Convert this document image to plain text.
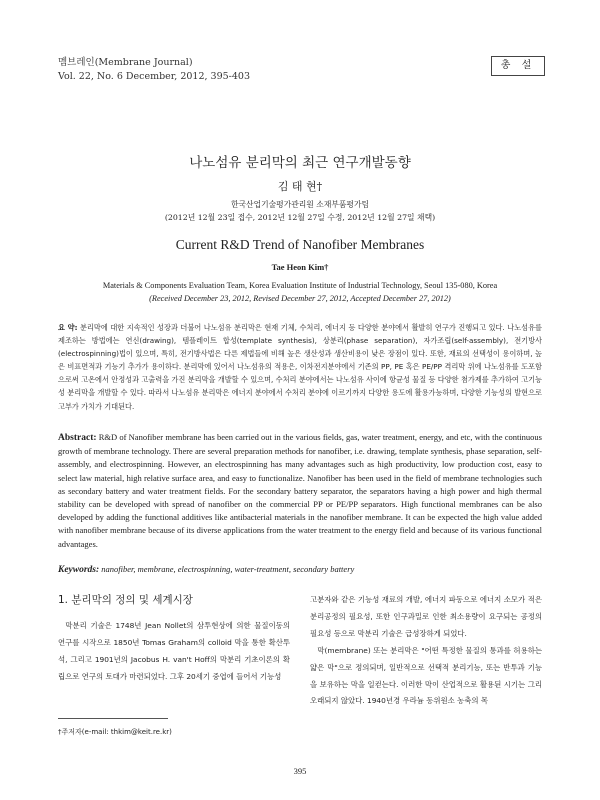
멤브레인(Membrane Journal)
Vol. 22, No. 6 December, 2012, 395-403
총 설
나노섬유 분리막의 최근 연구개발동향
김 태 현†
한국산업기술평가관리원 소재부품평가팀
(2012년 12월 23일 접수, 2012년 12월 27일 수정, 2012년 12월 27일 채택)
Current R&D Trend of Nanofiber Membranes
Tae Heon Kim†
Materials & Components Evaluation Team, Korea Evaluation Institute of Industrial Technology, Seoul 135-080, Korea
(Received December 23, 2012, Revised December 27, 2012, Accepted December 27, 2012)
요 약: 분리막에 대한 지속적인 성장과 더불어 나노섬유 분리막은 현재 기체, 수처리, 에너지 등 다양한 분야에서 활발히 연구가 진행되고 있다. 나노섬유를 제조하는 방법에는 연신(drawing), 템플레이트 합성(template synthesis), 상분리(phase separation), 자가조립(self-assembly), 전기방사(electrospinning)법이 있으며, 특히, 전기방사법은 다른 제법들에 비해 높은 생산성과 생산비용이 낮은 장점이 있다. 또한, 재료의 선택성이 용이하며, 높은 비표면적과 기능기 추가가 용이하다. 분리막에 있어서 나노섬유의 적용은, 이차전지분야에서 기존의 PP, PE 혹은 PE/PP 격리막 위에 나노섬유를 도포함으로써 고온에서 안정성과 고출력을 가진 분리막을 개발할 수 있으며, 수처리 분야에서는 나노섬유 사이에 항균성 물질 등 다양한 첨가제를 추가하여 고기능성 분리막을 개발할 수 있다. 따라서 나노섬유 분리막은 에너지 분야에서 수처리 분야에 이르기까지 다양한 용도에 활용가능하며, 다양한 기능성의 발현으로 고부가 가치가 기대된다.
Abstract: R&D of Nanofiber membrane has been carried out in the various fields, gas, water treatment, energy, and etc, with the continuous growth of membrane technology. There are several preparation methods for nanofiber, i.e. drawing, template synthesis, phase separation, self-assembly, and electrospinning. However, an electrospinning has many advantages such as high productivity, low production cost, easy to select law material, high relative surface area, and easy to functionalize. Nanofiber has been used in the field of membrane technologies such as secondary battery and water treatment fields. For the secondary battery separator, the separators having a high power and high thermal stability can be developed with spread of nanofiber on the commercial PP or PE/PP separators. High functional membranes can be also developed by adding the functional additives like antibacterial materials in the nanofiber membrane. It can be expected the high value added with nanofiber membrane because of its diverse applications from the water treatment to the energy field and because of its various functional advantages.
Keywords: nanofiber, membrane, electrospinning, water-treatment, secondary battery
1. 분리막의 정의 및 세계시장

막분리 기술은 1748년 Jean Nollet의 삼투현상에 의한 물질이동의 연구를 시작으로 1850년 Tomas Graham의 colloid 막을 통한 확산투석, 그리고 1901년의 Jacobus H. van't Hoff의 막분리 기초이론의 확립으로 연구의 토대가 마련되었다. 그후 20세기 중엽에 들어서 기능성

고분자와 같은 기능성 재료의 개발, 에너지 파동으로 에너지 소모가 적은 분리공정의 필요성, 또한 인구과밀로 인한 최소용량이 요구되는 공정의 필요성 등으로 막분리 기술은 급성장하게 되었다.

막(membrane) 또는 분리막은 "어떤 특정한 물질의 통과를 허용하는 얇은 막"으로 정의되며, 일반적으로 선택적 분리기능, 또는 반투과 기능을 보유하는 막을 일컫는다. 이러한 막이 산업적으로 활용된 시기는 그리 오래되지 않았다. 1940년경 우라늄 동위원소 농축의 목

†주저자(e-mail: thkim@keit.re.kr)
395
